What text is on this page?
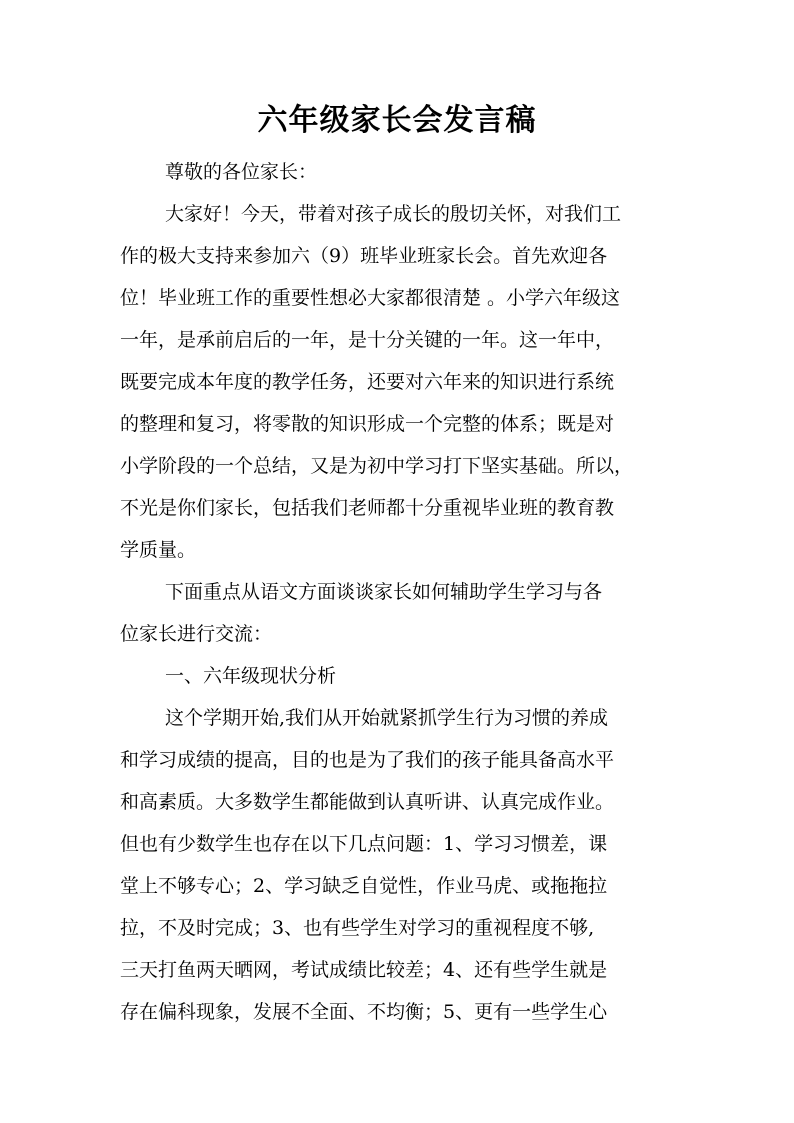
六年级家长会发言稿

尊敬的各位家长：

大家好！今天，带着对孩子成长的殷切关怀，对我们工

作的极大支持来参加六（9）班毕业班家长会。首先欢迎各

位！毕业班工作的重要性想必大家都很清楚 。小学六年级这

一年，是承前启后的一年，是十分关键的一年。这一年中，

既要完成本年度的教学任务，还要对六年来的知识进行系统

的整理和复习，将零散的知识形成一个完整的体系；既是对

小学阶段的一个总结，又是为初中学习打下坚实基础。所以，

不光是你们家长，包括我们老师都十分重视毕业班的教育教

学质量。

下面重点从语文方面谈谈家长如何辅助学生学习与各

位家长进行交流：

一、六年级现状分析

这个学期开始,我们从开始就紧抓学生行为习惯的养成

和学习成绩的提高，目的也是为了我们的孩子能具备高水平

和高素质。大多数学生都能做到认真听讲、认真完成作业。

但也有少数学生也存在以下几点问题：1、学习习惯差，课

堂上不够专心；2、学习缺乏自觉性，作业马虎、或拖拖拉

拉，不及时完成；3、也有些学生对学习的重视程度不够,

三天打鱼两天晒网，考试成绩比较差；4、还有些学生就是

存在偏科现象，发展不全面、不均衡；5、更有一些学生心
